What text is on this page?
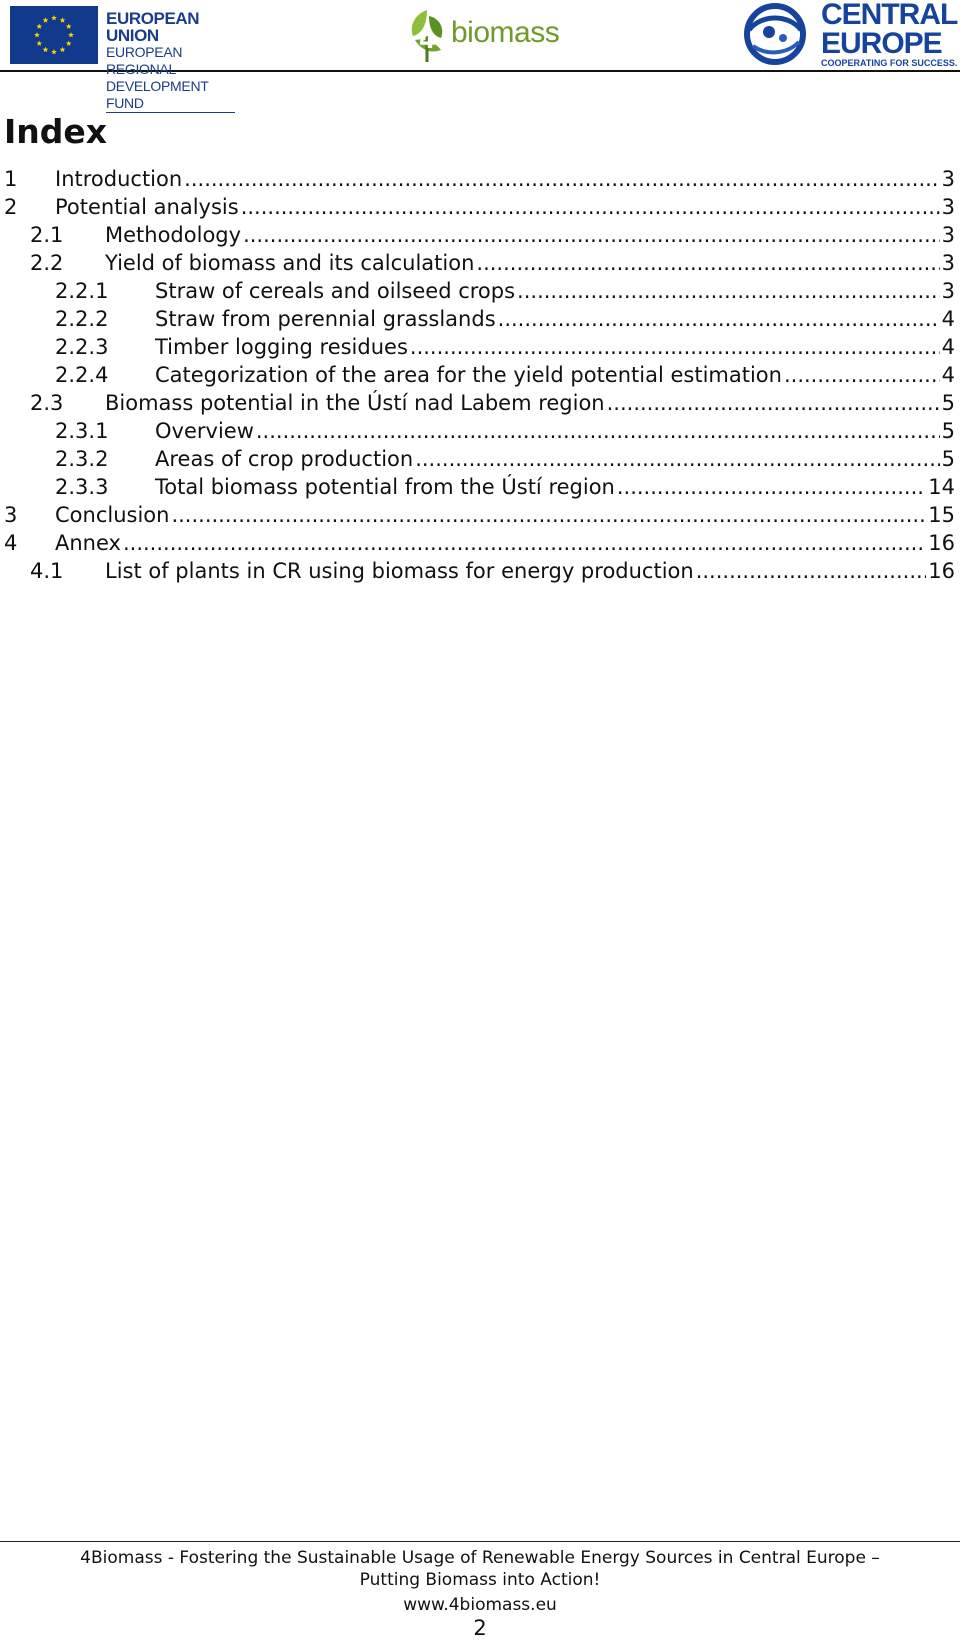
EUROPEAN UNION
EUROPEAN REGIONAL
DEVELOPMENT FUND
4 biomass
CENTRAL
EUROPE
COOPERATING FOR SUCCESS.
Index
1 Introduction .....	3
2 Potential analysis .....	3
2.1 Methodology .....	3
2.2 Yield of biomass and its calculation .....	3
2.2.1 Straw of cereals and oilseed crops .....	3
2.2.2 Straw from perennial grasslands .....	4
2.2.3 Timber logging residues .....	4
2.2.4 Categorization of the area for the yield potential estimation .....	4
2.3 Biomass potential in the Ústí nad Labem region .....	5
2.3.1 Overview .....	5
2.3.2 Areas of crop production .....	5
2.3.3 Total biomass potential from the Ústí region .....	14
3 Conclusion .....	15
4 Annex .....	16
4.1 List of plants in CR using biomass for energy production .....	16
4Biomass - Fostering the Sustainable Usage of Renewable Energy Sources in Central Europe –
Putting Biomass into Action!
www.4biomass.eu
2
